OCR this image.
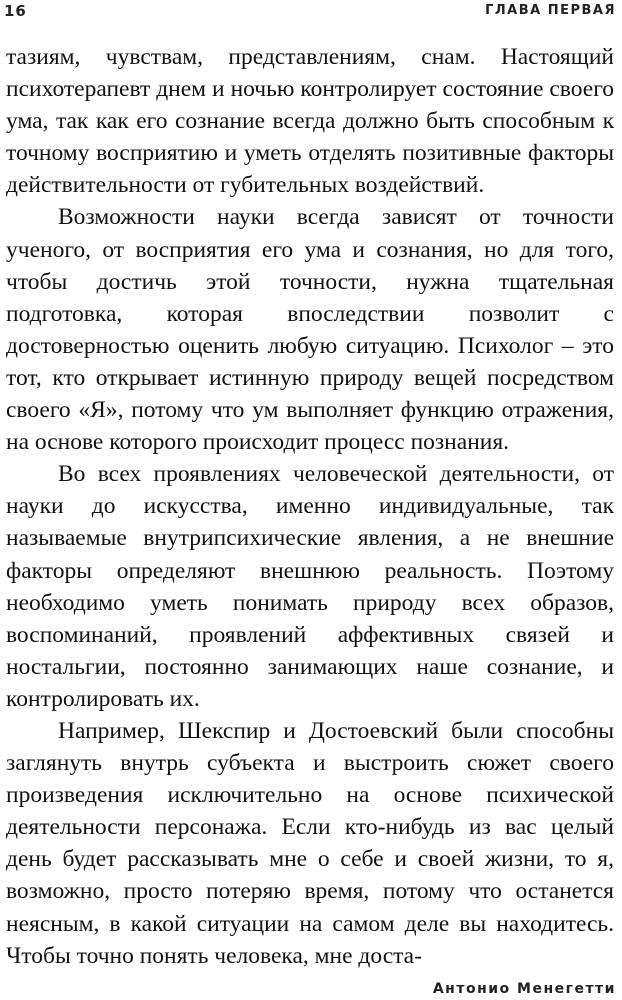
16	ГЛАВА ПЕРВАЯ

тазиям, чувствам, представлениям, снам. Настоящий психотерапевт днем и ночью контролирует состояние своего ума, так как его сознание всегда должно быть способным к точному восприятию и уметь отделять позитивные факторы действительности от губительных воздействий.

Возможности науки всегда зависят от точности ученого, от восприятия его ума и сознания, но для того, чтобы достичь этой точности, нужна тщательная подготовка, которая впоследствии позволит с достоверностью оценить любую ситуацию. Психолог – это тот, кто открывает истинную природу вещей посредством своего «Я», потому что ум выполняет функцию отражения, на основе которого происходит процесс познания.

Во всех проявлениях человеческой деятельности, от науки до искусства, именно индивидуальные, так называемые внутрипсихические явления, а не внешние факторы определяют внешнюю реальность. Поэтому необходимо уметь понимать природу всех образов, воспоминаний, проявлений аффективных связей и ностальгии, постоянно занимающих наше сознание, и контролировать их.

Например, Шекспир и Достоевский были способны заглянуть внутрь субъекта и выстроить сюжет своего произведения исключительно на основе психической деятельности персонажа. Если кто-нибудь из вас целый день будет рассказывать мне о себе и своей жизни, то я, возможно, просто потеряю время, потому что останется неясным, в какой ситуации на самом деле вы находитесь. Чтобы точно понять человека, мне доста-

Антонио Менегетти
